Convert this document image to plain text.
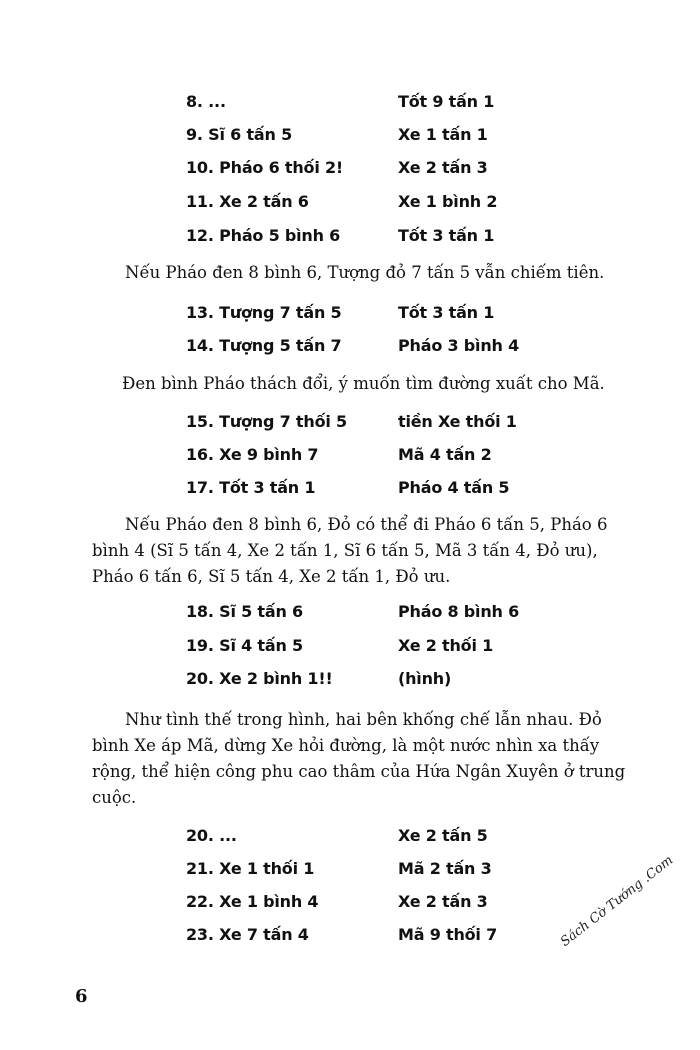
8. ...	Tốt 9 tấn 1
9. Sĩ 6 tấn 5	Xe 1 tấn 1
10. Pháo 6 thối 2!	Xe 2 tấn 3
11. Xe 2 tấn 6	Xe 1 bình 2
12. Pháo 5 bình 6	Tốt 3 tấn 1
Nếu Pháo đen 8 bình 6, Tượng đỏ 7 tấn 5 vẫn chiếm tiên.
13. Tượng 7 tấn 5	Tốt 3 tấn 1
14. Tượng 5 tấn 7	Pháo 3 bình 4
Đen bình Pháo thách đổi, ý muốn tìm đường xuất cho Mã.
15. Tượng 7 thối 5	tiền Xe thối 1
16. Xe 9 bình 7	Mã 4 tấn 2
17. Tốt 3 tấn 1	Pháo 4 tấn 5
Nếu Pháo đen 8 bình 6, Đỏ có thể đi Pháo 6 tấn 5, Pháo 6
bình 4 (Sĩ 5 tấn 4, Xe 2 tấn 1, Sĩ 6 tấn 5, Mã 3 tấn 4, Đỏ ưu),
Pháo 6 tấn 6, Sĩ 5 tấn 4, Xe 2 tấn 1, Đỏ ưu.
18. Sĩ 5 tấn 6	Pháo 8 bình 6
19. Sĩ 4 tấn 5	Xe 2 thối 1
20. Xe 2 bình 1!!	(hình)
Như tình thế trong hình, hai bên khống chế lẫn nhau. Đỏ
bình Xe áp Mã, dừng Xe hỏi đường, là một nước nhìn xa thấy
rộng, thể hiện công phu cao thâm của Hứa Ngân Xuyên ở trung
cuộc.
20. ...	Xe 2 tấn 5
21. Xe 1 thối 1	Mã 2 tấn 3
22. Xe 1 bình 4	Xe 2 tấn 3
23. Xe 7 tấn 4	Mã 9 thối 7
6
Sách Cờ Tướng .Com
